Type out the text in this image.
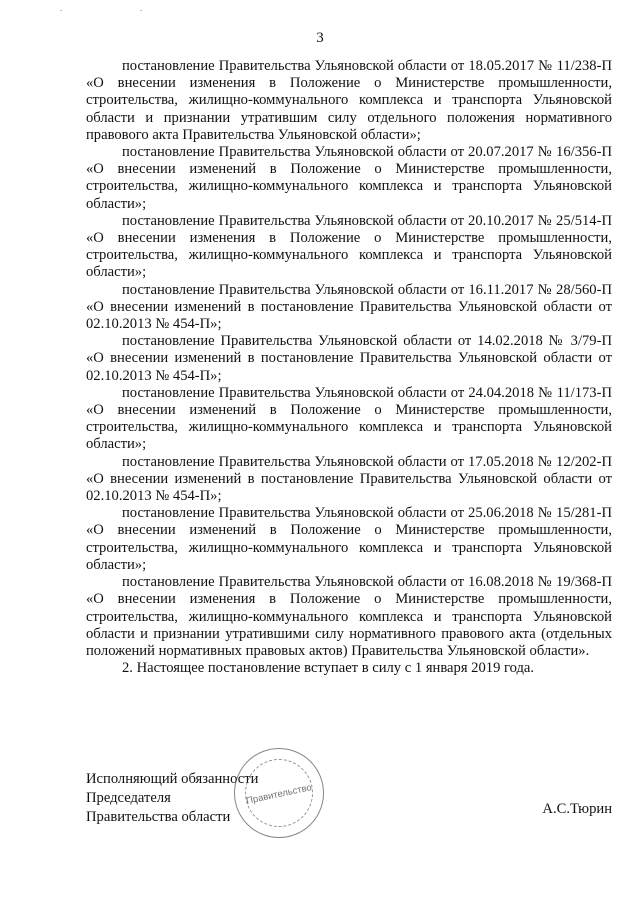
3

постановление Правительства Ульяновской области от 18.05.2017 № 11/238-П «О внесении изменения в Положение о Министерстве промышленности, строительства, жилищно-коммунального комплекса и транспорта Ульяновской области и признании утратившим силу отдельного положения нормативного правового акта Правительства Ульяновской области»;

постановление Правительства Ульяновской области от 20.07.2017 № 16/356-П «О внесении изменений в Положение о Министерстве промышленности, строительства, жилищно-коммунального комплекса и транспорта Ульяновской области»;

постановление Правительства Ульяновской области от 20.10.2017 № 25/514-П «О внесении изменения в Положение о Министерстве промышленности, строительства, жилищно-коммунального комплекса и транспорта Ульяновской области»;

постановление Правительства Ульяновской области от 16.11.2017 № 28/560-П «О внесении изменений в постановление Правительства Ульяновской области от 02.10.2013 № 454-П»;

постановление Правительства Ульяновской области от 14.02.2018 № 3/79-П «О внесении изменений в постановление Правительства Ульяновской области от 02.10.2013 № 454-П»;

постановление Правительства Ульяновской области от 24.04.2018 № 11/173-П «О внесении изменений в Положение о Министерстве промышленности, строительства, жилищно-коммунального комплекса и транспорта Ульяновской области»;

постановление Правительства Ульяновской области от 17.05.2018 № 12/202-П «О внесении изменений в постановление Правительства Ульяновской области от 02.10.2013 № 454-П»;

постановление Правительства Ульяновской области от 25.06.2018 № 15/281-П «О внесении изменений в Положение о Министерстве промышленности, строительства, жилищно-коммунального комплекса и транспорта Ульяновской области»;

постановление Правительства Ульяновской области от 16.08.2018 № 19/368-П «О внесении изменения в Положение о Министерстве промышленности, строительства, жилищно-коммунального комплекса и транспорта Ульяновской области и признании утратившими силу нормативного правового акта (отдельных положений нормативных правовых актов) Правительства Ульяновской области».

2. Настоящее постановление вступает в силу с 1 января 2019 года.

Исполняющий обязанности
Председателя
Правительства области
Правительство
А.С.Тюрин
